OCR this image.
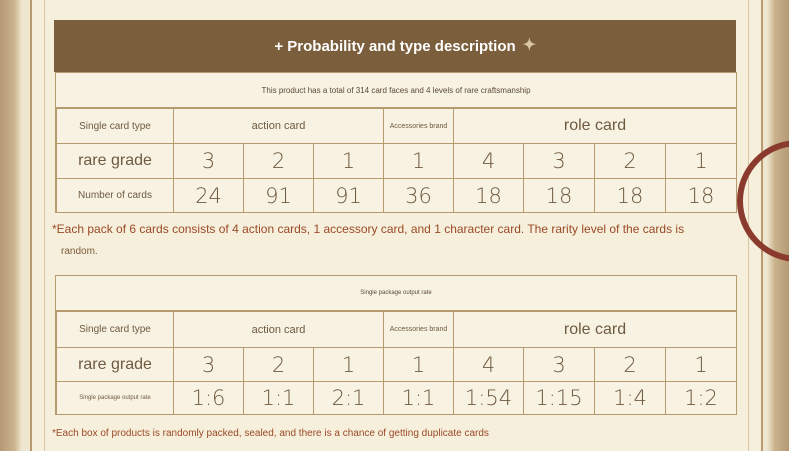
+ Probability and type description ✦
This product has a total of 314 card faces and 4 levels of rare craftsmanship
Single card type	action card			Accessories brand	role card			
rare grade	3	2	1	1	4	3	2	1
Number of cards	24	91	91	36	18	18	18	18
*Each pack of 6 cards consists of 4 action cards, 1 accessory card, and 1 character card. The rarity level of the cards is
random.
Single package output rate
Single card type	action card			Accessories brand	role card			
rare grade	3	2	1	1	4	3	2	1
Single package output rate	1:6	1:1	2:1	1:1	1:54	1:15	1:4	1:2
*Each box of products is randomly packed, sealed, and there is a chance of getting duplicate cards
